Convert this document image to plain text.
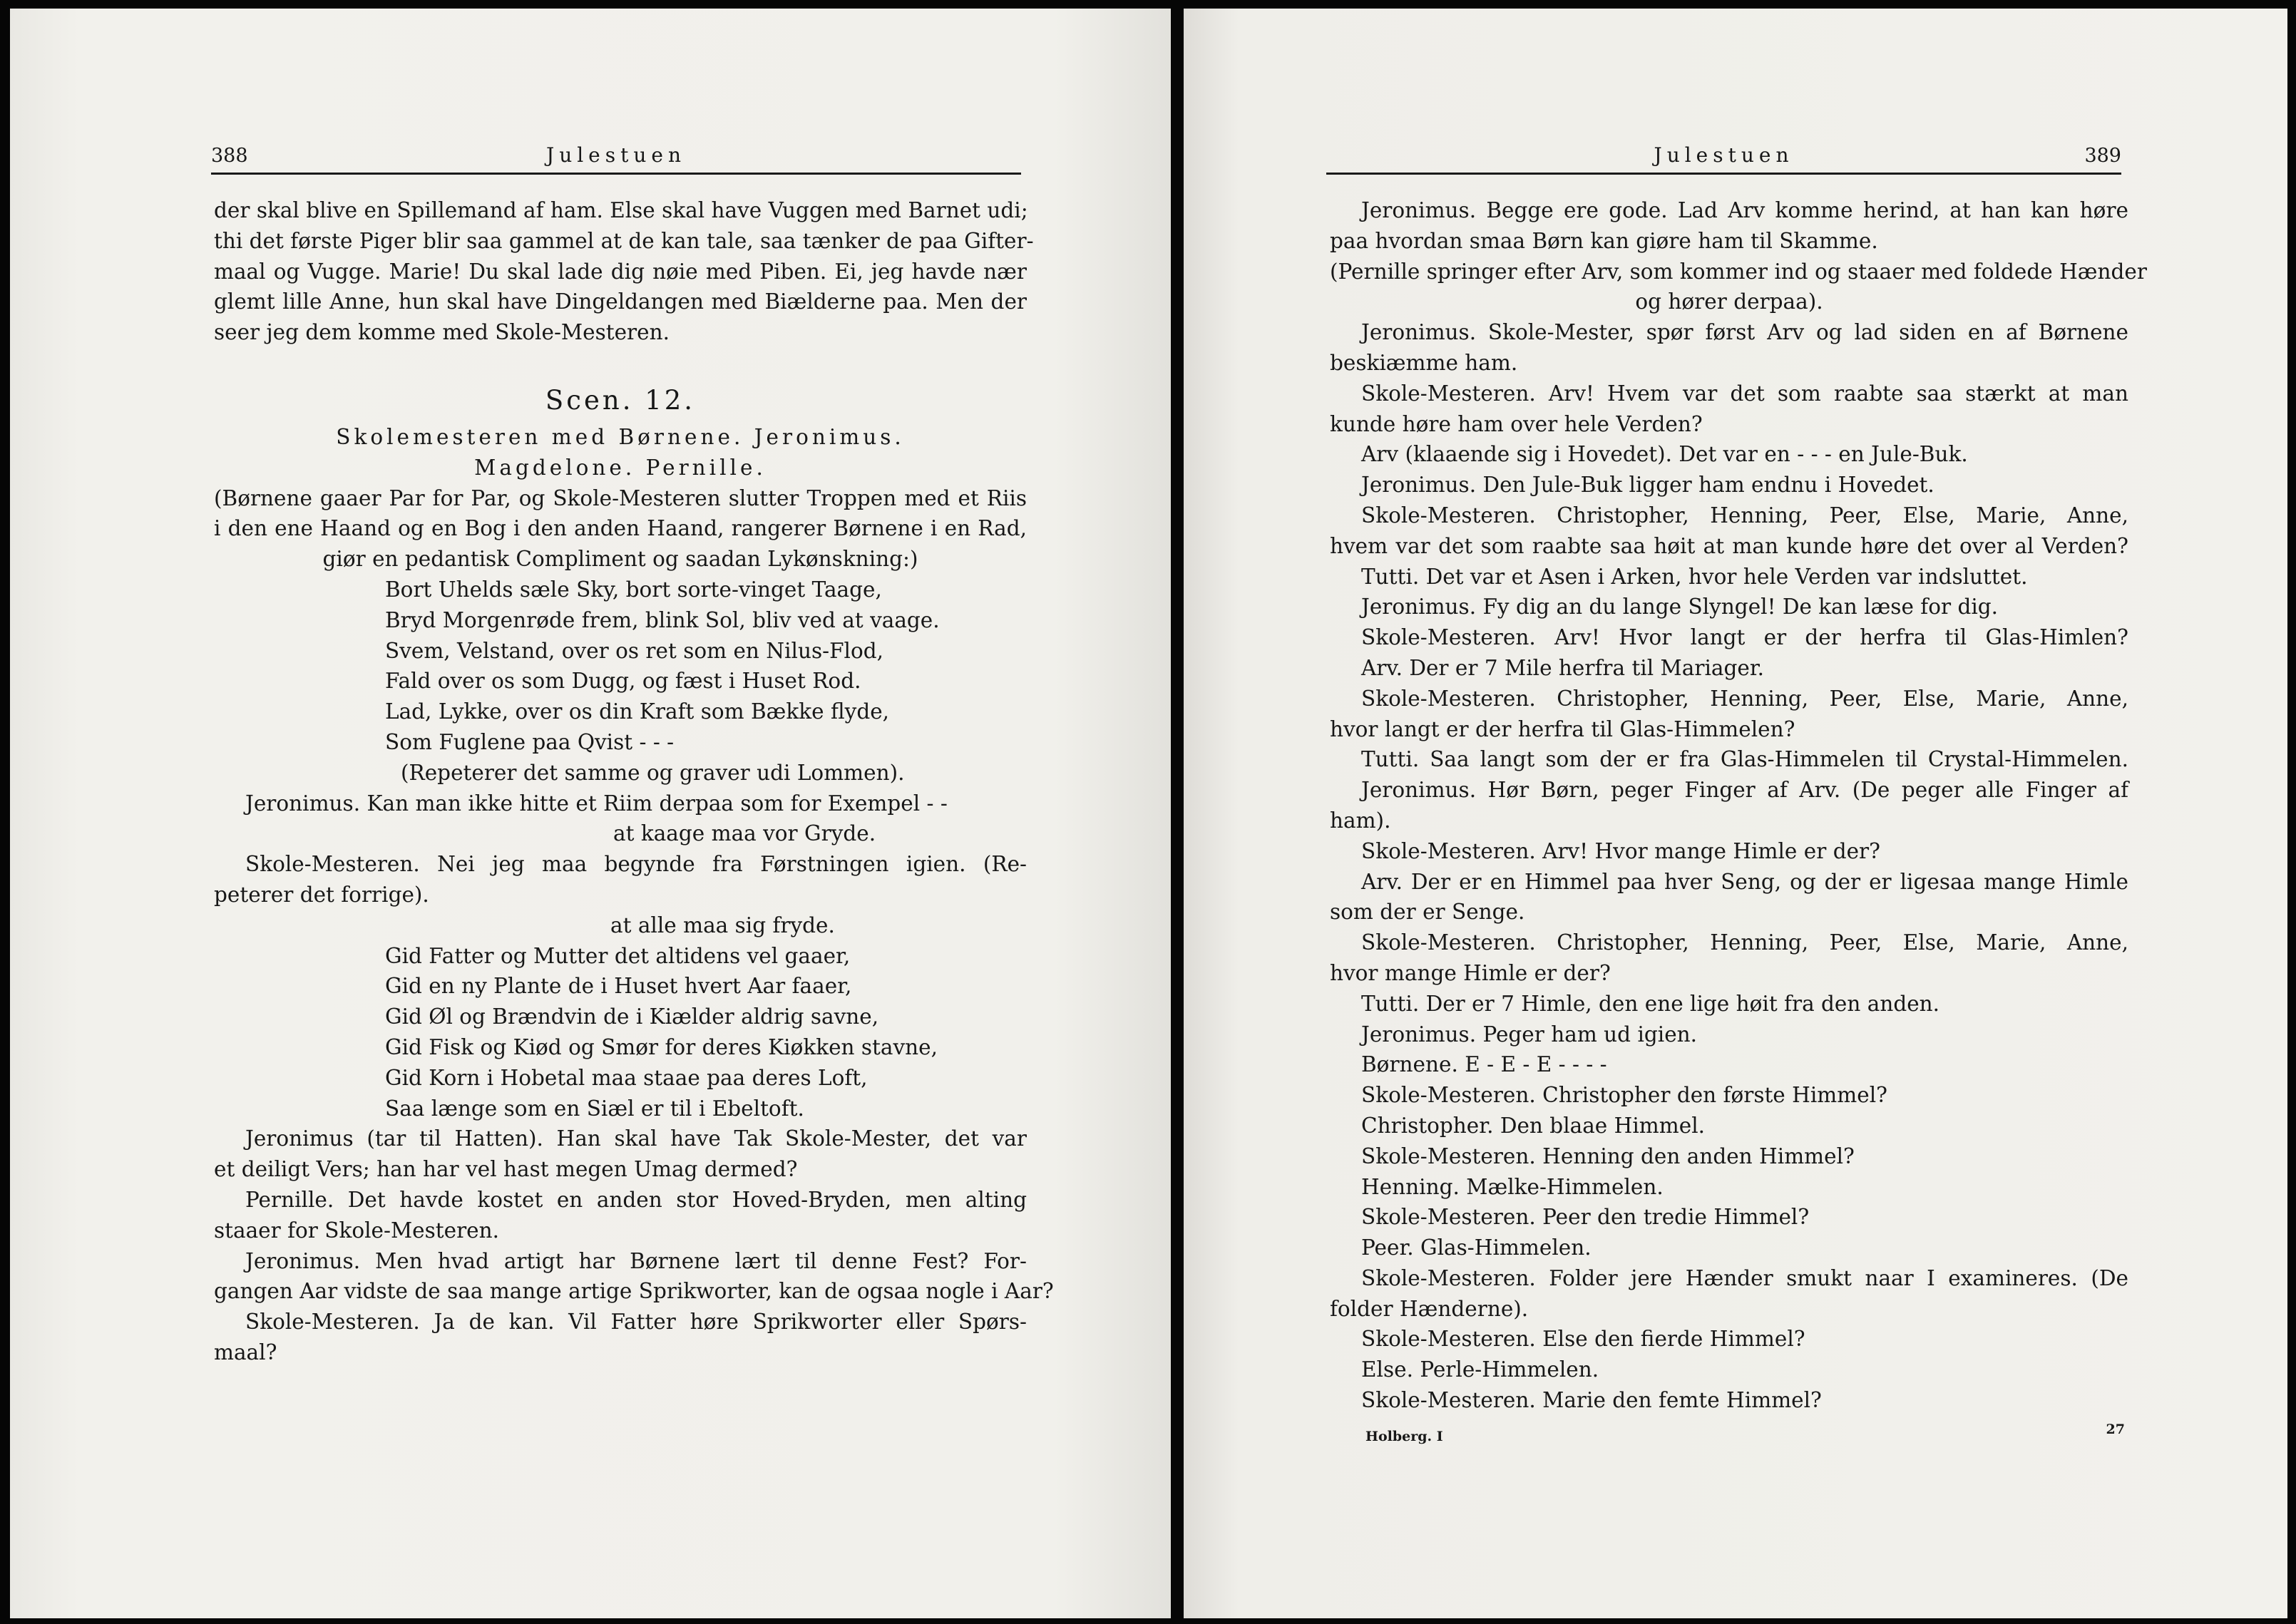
388	Julestuen
der skal blive en Spillemand af ham. Else skal have Vuggen med Barnet udi;
thi det første Piger blir saa gammel at de kan tale, saa tænker de paa Gifter-
maal og Vugge. Marie! Du skal lade dig nøie med Piben. Ei, jeg havde nær
glemt lille Anne, hun skal have Dingeldangen med Biælderne paa. Men der
seer jeg dem komme med Skole-Mesteren.
Scen. 12.
Skolemesteren med Børnene. Jeronimus.
Magdelone. Pernille.
(Børnene gaaer Par for Par, og Skole-Mesteren slutter Troppen med et Riis
i den ene Haand og en Bog i den anden Haand, rangerer Børnene i en Rad,
giør en pedantisk Compliment og saadan Lykønskning:)
Bort Uhelds sæle Sky, bort sorte-vinget Taage,
Bryd Morgenrøde frem, blink Sol, bliv ved at vaage.
Svem, Velstand, over os ret som en Nilus-Flod,
Fald over os som Dugg, og fæst i Huset Rod.
Lad, Lykke, over os din Kraft som Bække flyde,
Som Fuglene paa Qvist - - -
(Repeterer det samme og graver udi Lommen).
Jeronimus. Kan man ikke hitte et Riim derpaa som for Exempel - -
at kaage maa vor Gryde.
Skole-Mesteren. Nei jeg maa begynde fra Førstningen igien. (Re-
peterer det forrige).
at alle maa sig fryde.
Gid Fatter og Mutter det altidens vel gaaer,
Gid en ny Plante de i Huset hvert Aar faaer,
Gid Øl og Brændvin de i Kiælder aldrig savne,
Gid Fisk og Kiød og Smør for deres Kiøkken stavne,
Gid Korn i Hobetal maa staae paa deres Loft,
Saa længe som en Siæl er til i Ebeltoft.
Jeronimus (tar til Hatten). Han skal have Tak Skole-Mester, det var
et deiligt Vers; han har vel hast megen Umag dermed?
Pernille. Det havde kostet en anden stor Hoved-Bryden, men alting
staaer for Skole-Mesteren.
Jeronimus. Men hvad artigt har Børnene lært til denne Fest? For-
gangen Aar vidste de saa mange artige Sprikworter, kan de ogsaa nogle i Aar?
Skole-Mesteren. Ja de kan. Vil Fatter høre Sprikworter eller Spørs-
maal?
Julestuen	389
Jeronimus. Begge ere gode. Lad Arv komme herind, at han kan høre
paa hvordan smaa Børn kan giøre ham til Skamme.
(Pernille springer efter Arv, som kommer ind og staaer med foldede Hænder
og hører derpaa).
Jeronimus. Skole-Mester, spør først Arv og lad siden en af Børnene
beskiæmme ham.
Skole-Mesteren. Arv! Hvem var det som raabte saa stærkt at man
kunde høre ham over hele Verden?
Arv (klaaende sig i Hovedet). Det var en - - - en Jule-Buk.
Jeronimus. Den Jule-Buk ligger ham endnu i Hovedet.
Skole-Mesteren. Christopher, Henning, Peer, Else, Marie, Anne,
hvem var det som raabte saa høit at man kunde høre det over al Verden?
Tutti. Det var et Asen i Arken, hvor hele Verden var indsluttet.
Jeronimus. Fy dig an du lange Slyngel! De kan læse for dig.
Skole-Mesteren. Arv! Hvor langt er der herfra til Glas-Himlen?
Arv. Der er 7 Mile herfra til Mariager.
Skole-Mesteren. Christopher, Henning, Peer, Else, Marie, Anne,
hvor langt er der herfra til Glas-Himmelen?
Tutti. Saa langt som der er fra Glas-Himmelen til Crystal-Himmelen.
Jeronimus. Hør Børn, peger Finger af Arv. (De peger alle Finger af
ham).
Skole-Mesteren. Arv! Hvor mange Himle er der?
Arv. Der er en Himmel paa hver Seng, og der er ligesaa mange Himle
som der er Senge.
Skole-Mesteren. Christopher, Henning, Peer, Else, Marie, Anne,
hvor mange Himle er der?
Tutti. Der er 7 Himle, den ene lige høit fra den anden.
Jeronimus. Peger ham ud igien.
Børnene. E - E - E - - - -
Skole-Mesteren. Christopher den første Himmel?
Christopher. Den blaae Himmel.
Skole-Mesteren. Henning den anden Himmel?
Henning. Mælke-Himmelen.
Skole-Mesteren. Peer den tredie Himmel?
Peer. Glas-Himmelen.
Skole-Mesteren. Folder jere Hænder smukt naar I examineres. (De
folder Hænderne).
Skole-Mesteren. Else den fierde Himmel?
Else. Perle-Himmelen.
Skole-Mesteren. Marie den femte Himmel?
Holberg. I	27
